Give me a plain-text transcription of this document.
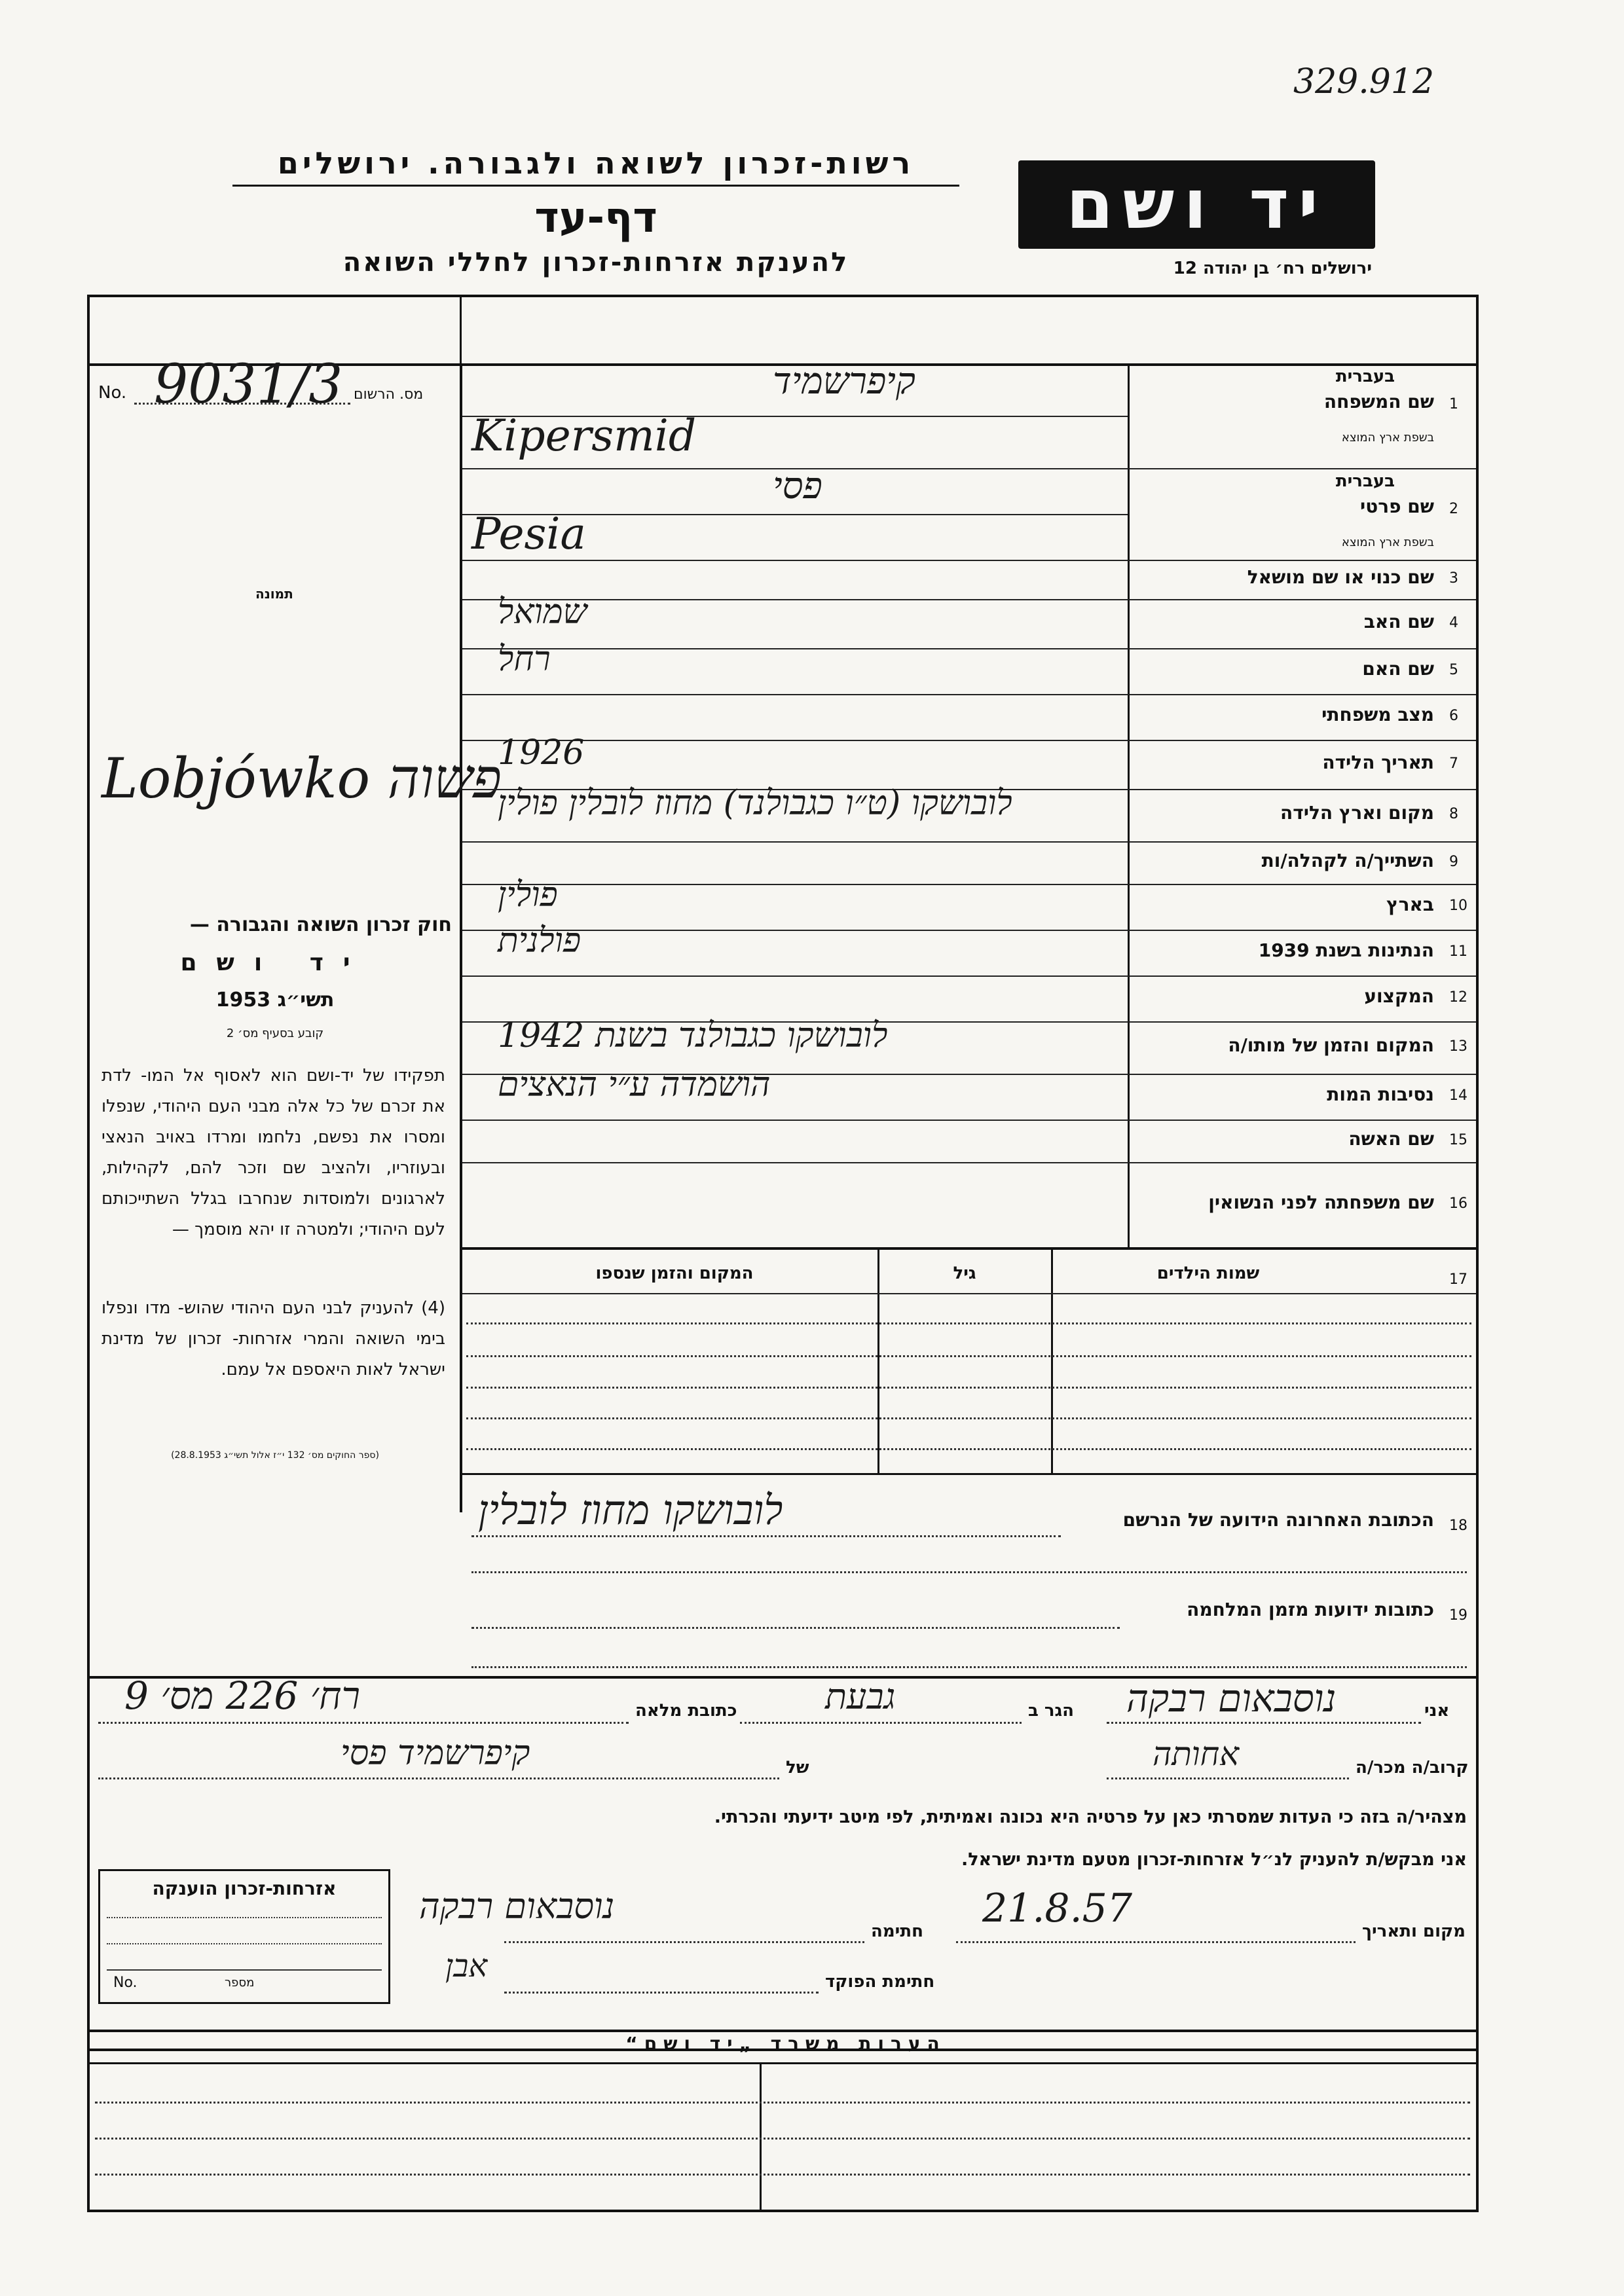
329.912
רשות-זכרון לשואה ולגבורה. ירושלים
דף-עד
להענקת אזרחות-זכרון לחללי השואה
יד ושם
ירושלים רח׳ בן יהודה 12
No. 9031/3 מס. הרשום
תמונה
Lobjówko פשוה
חוק זכרון השואה והגבורה —
יד ושם
תשי״ג 1953
קובע בסעיף מס׳ 2
תפקידו של יד-ושם הוא לאסוף אל המו- לדת את זכרם של כל אלה מבני העם היהודי, שנפלו ומסרו את נפשם, נלחמו ומרדו באויב הנאצי ובעוזריו, ולהציב שם וזכר להם, לקהילות, לארגונים ולמוסדות שנחרבו בגלל השתייכותם לעם היהודי; ולמטרה זו יהא מוסמך —
(4) להעניק לבני העם היהודי שהוש- מדו ונפלו בימי השואה והמרי אזרחות- זכרון של מדינת ישראל לאות היאספם אל עמם.
(ספר החוקים מס׳ 132 י״ז אלול תשי״ג 28.8.1953)
1
שם המשפחה
בעברית
בשפת ארץ המוצא
קיפרשמיד
Kipersmid
2
שם פרטי
בעברית
בשפת ארץ המוצא
פסי
Pesia
3
שם כנוי או שם מושאל
4
שם האב
שמואל
5
שם האם
רחל
6
מצב משפחתי
7
תאריך הלידה
1926
8
מקום וארץ הלידה
לובושקו (ט״ו כגבולנד) מחוז לובלין פולין
9
השתייך/ה לקהלה/ות
10
בארץ
פולין
11
הנתינות בשנת 1939
פולנית
12
המקצוע
13
המקום והזמן של מותו/ה
לובושקו כגבולנד בשנת 1942
14
נסיבות המות
הושמדה ע״י הנאצים
15
שם האשה
16
שם משפחתה לפני הנשואין
17
שמות הילדים
גיל
המקום והזמן שנספו
18
הכתובת האחרונה הידועה של הנרשם
לובושקו מחוז לובלין
19
כתובות ידועות מזמן המלחמה
אני
נוסבאום רבקה
הגר ב
גבעת
כתובת מלאה
רח׳ 226 מס׳ 9
קרוב/ה מכר/ה
אחותה
של
קיפרשמיד פסי
מצהיר/ה בזה כי העדות שמסרתי כאן על פרטיה היא נכונה ואמיתית, לפי מיטב ידיעתי והכרתי.
אני מבקש/ת להעניק לנ״ל אזרחות-זכרון מטעם מדינת ישראל.
מקום ותאריך
21.8.57
חתימה
נוסבאום רבקה
חתימת הפוקד
אבן
אזרחות-זכרון הוענקה
מספר
No.
הערות משרד „יד ושם“
